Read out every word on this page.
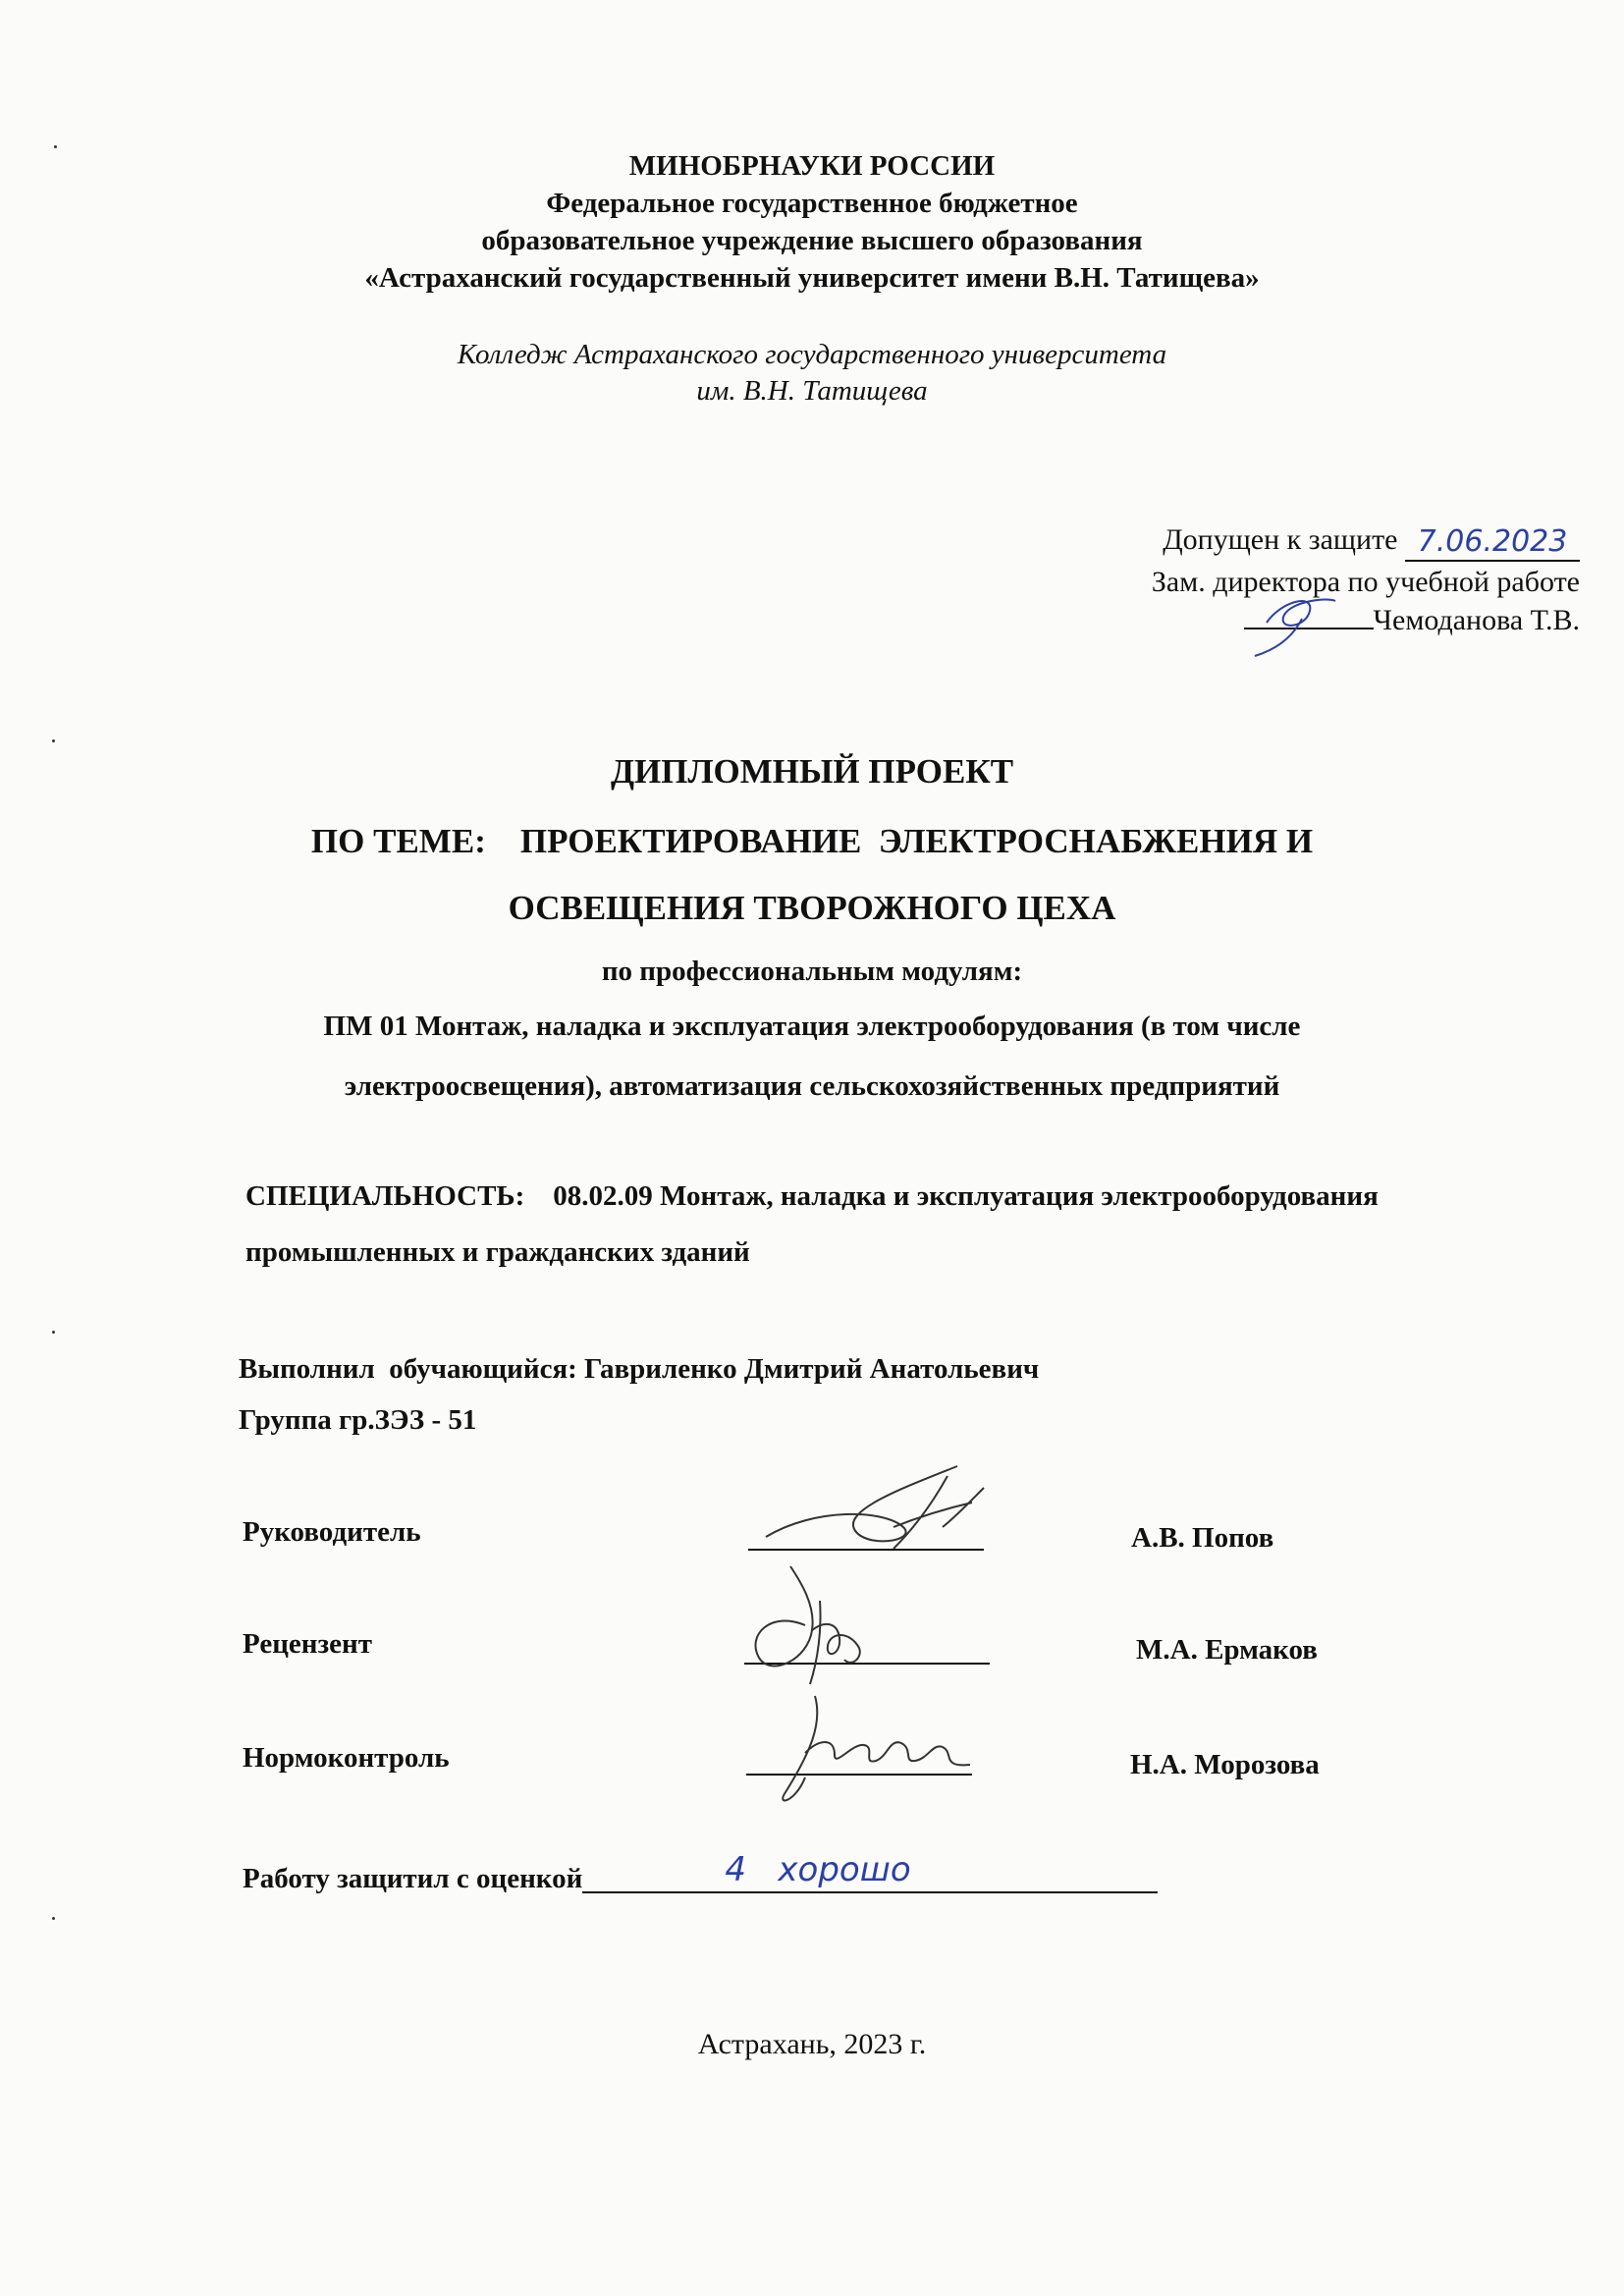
МИНОБРНАУКИ РОССИИ
Федеральное государственное бюджетное
образовательное учреждение высшего образования
«Астраханский государственный университет имени В.Н. Татищева»
Колледж Астраханского государственного университета
им. В.Н. Татищева
Допущен к защите 7.06.2023
Зам. директора по учебной работе
Чемоданова Т.В.
ДИПЛОМНЫЙ ПРОЕКТ
ПО ТЕМЕ:    ПРОЕКТИРОВАНИЕ  ЭЛЕКТРОСНАБЖЕНИЯ И
ОСВЕЩЕНИЯ ТВОРОЖНОГО ЦЕХА
по профессиональным модулям:
ПМ 01 Монтаж, наладка и эксплуатация электрооборудования (в том числе
электроосвещения), автоматизация сельскохозяйственных предприятий
СПЕЦИАЛЬНОСТЬ:    08.02.09 Монтаж, наладка и эксплуатация электрооборудования
промышленных и гражданских зданий
Выполнил  обучающийся: Гавриленко Дмитрий Анатольевич
Группа гр.ЗЭЗ - 51
Руководитель	А.В. Попов
Рецензент	М.А. Ермаков
Нормоконтроль	Н.А. Морозова
Работу защитил с оценкой	4   хорошо
Астрахань, 2023 г.
